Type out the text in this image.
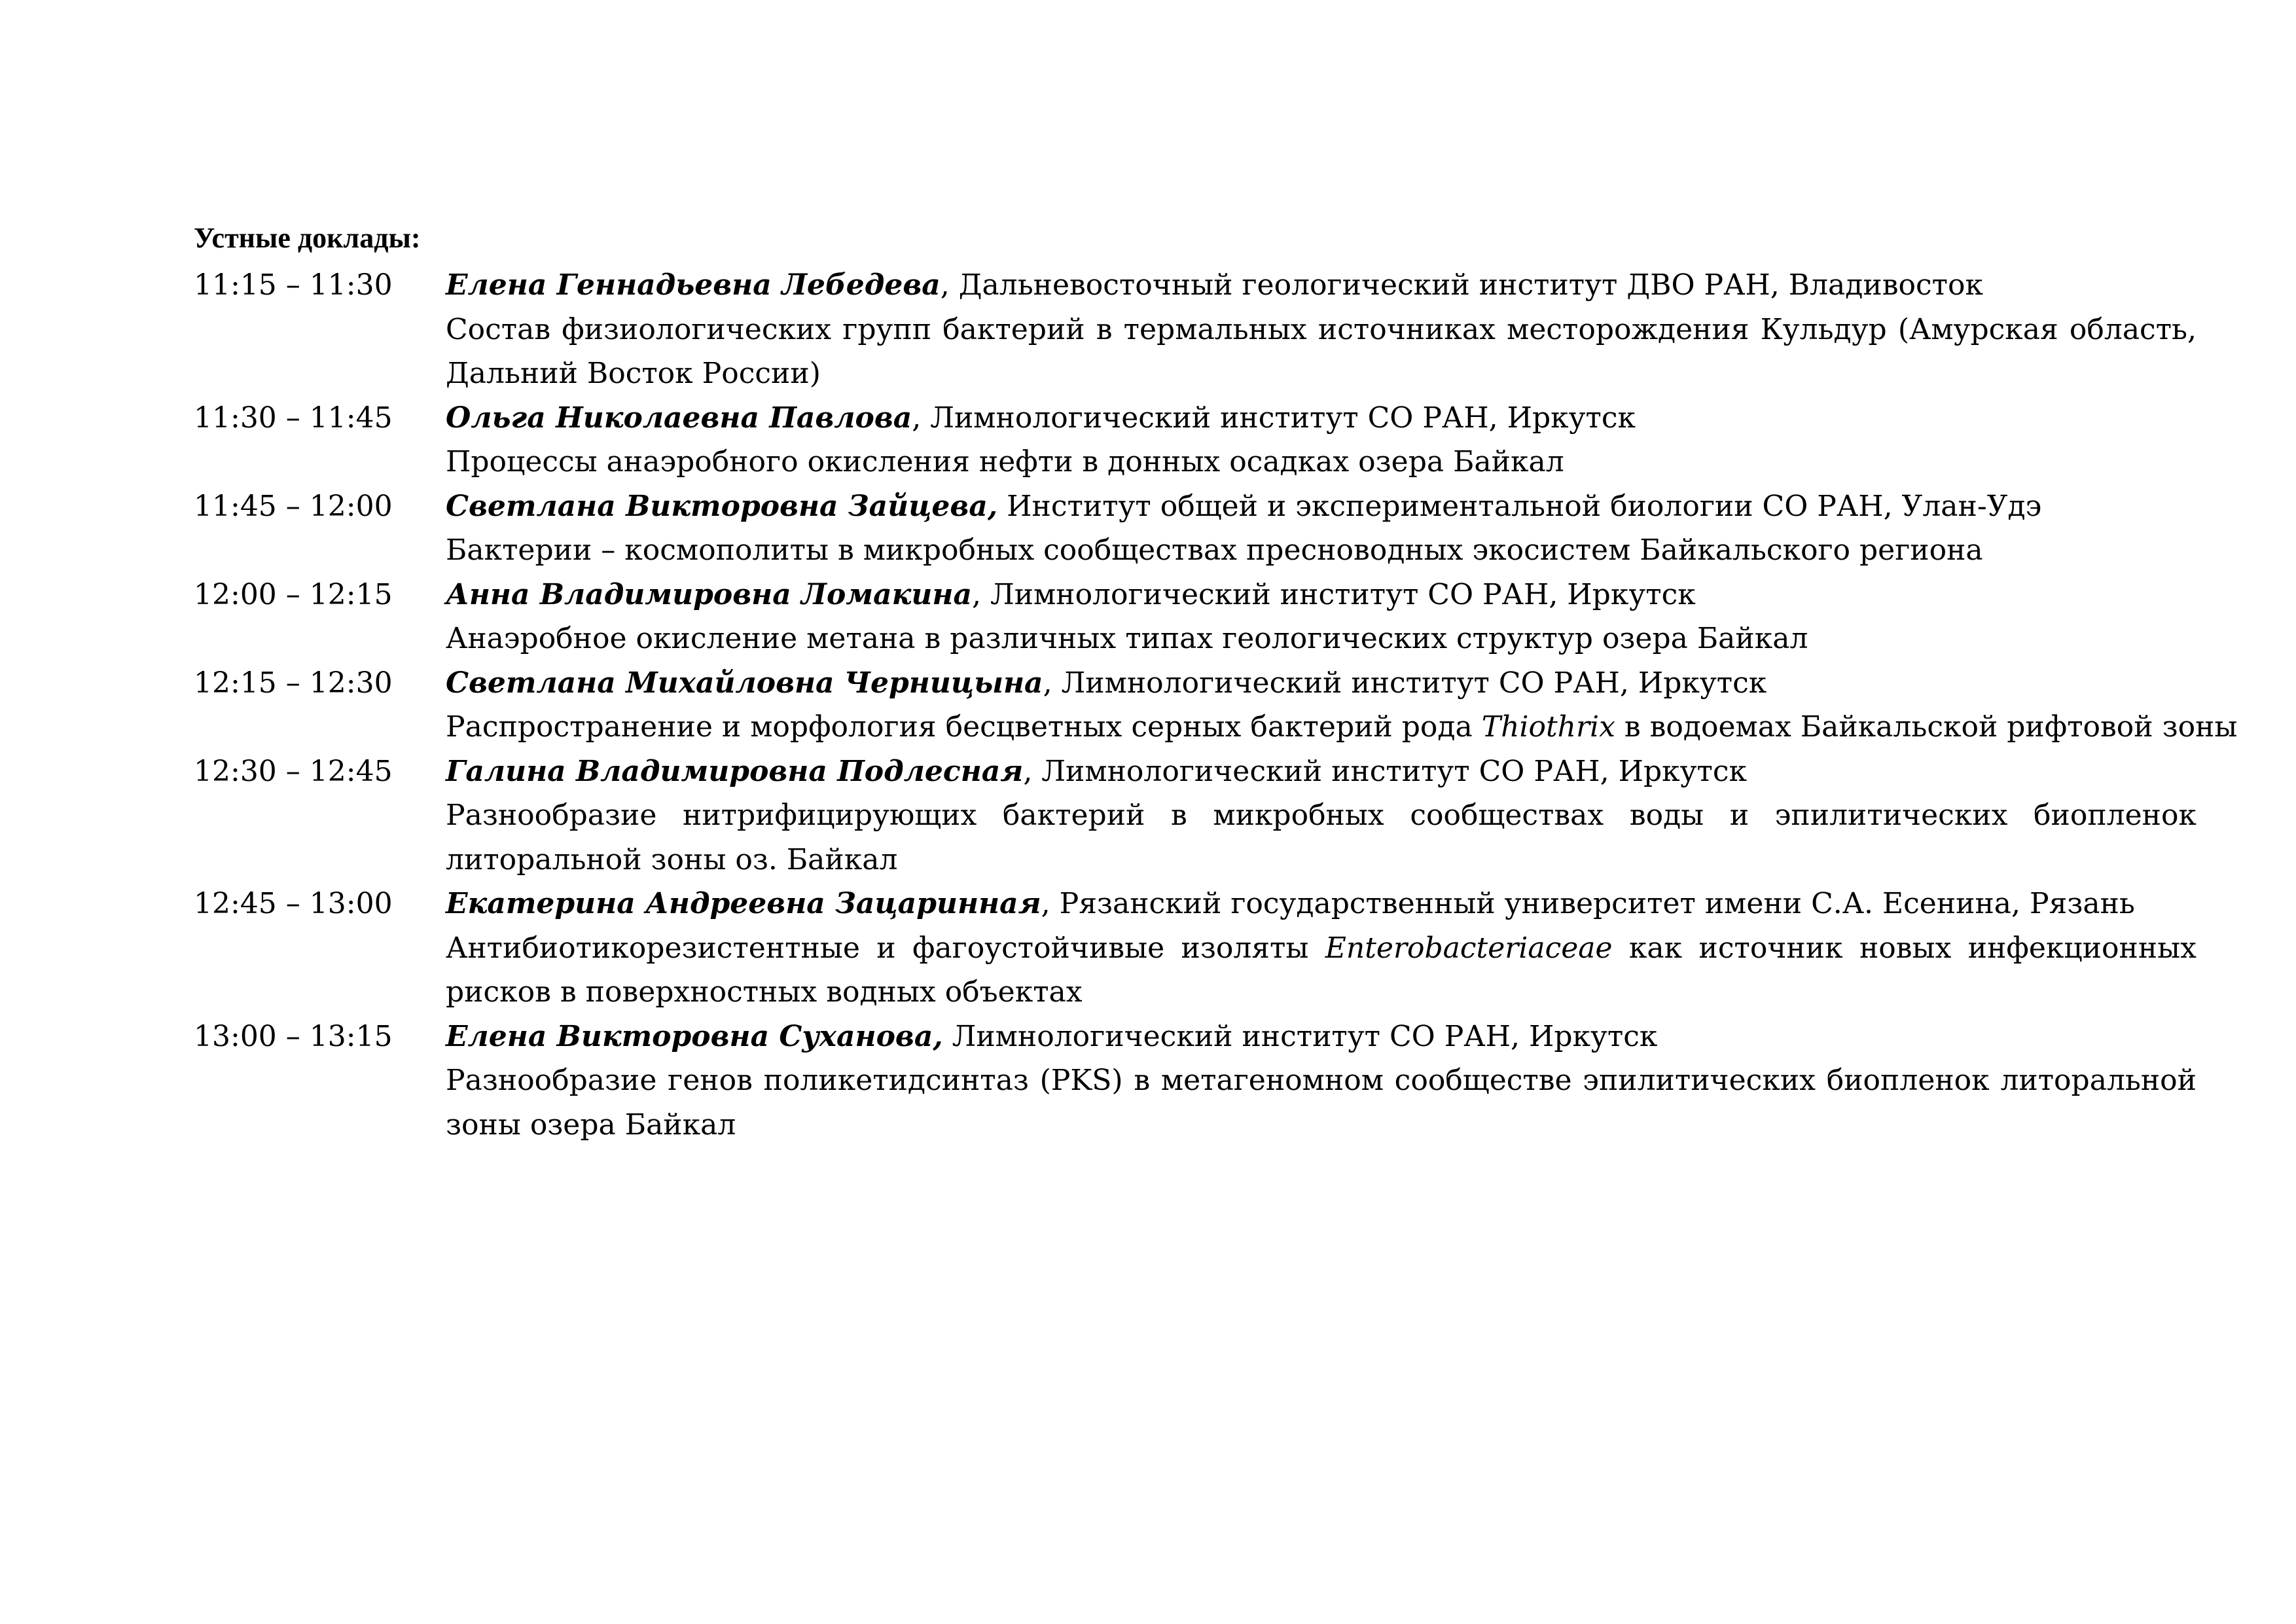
Устные доклады:
11:15 – 11:30	Елена Геннадьевна Лебедева, Дальневосточный геологический институт ДВО РАН, Владивосток
Состав физиологических групп бактерий в термальных источниках месторождения Кульдур (Амурская область, Дальний Восток России)
11:30 – 11:45	Ольга Николаевна Павлова, Лимнологический институт СО РАН, Иркутск
Процессы анаэробного окисления нефти в донных осадках озера Байкал
11:45 – 12:00	Светлана Викторовна Зайцева, Институт общей и экспериментальной биологии СО РАН, Улан-Удэ
Бактерии – космополиты в микробных сообществах пресноводных экосистем Байкальского региона
12:00 – 12:15	Анна Владимировна Ломакина, Лимнологический институт СО РАН, Иркутск
Анаэробное окисление метана в различных типах геологических структур озера Байкал
12:15 – 12:30	Светлана Михайловна Черницына, Лимнологический институт СО РАН, Иркутск
Распространение и морфология бесцветных серных бактерий рода Thiothrix в водоемах Байкальской рифтовой зоны
12:30 – 12:45	Галина Владимировна Подлесная, Лимнологический институт СО РАН, Иркутск
Разнообразие нитрифицирующих бактерий в микробных сообществах воды и эпилитических биопленок литоральной зоны оз. Байкал
12:45 – 13:00	Екатерина Андреевна Зацаринная, Рязанский государственный университет имени С.А. Есенина, Рязань
Антибиотикорезистентные и фагоустойчивые изоляты Enterobacteriaceae как источник новых инфекционных рисков в поверхностных водных объектах
13:00 – 13:15	Елена Викторовна Суханова, Лимнологический институт СО РАН, Иркутск
Разнообразие генов поликетидсинтаз (PKS) в метагеномном сообществе эпилитических биопленок литоральной зоны озера Байкал
